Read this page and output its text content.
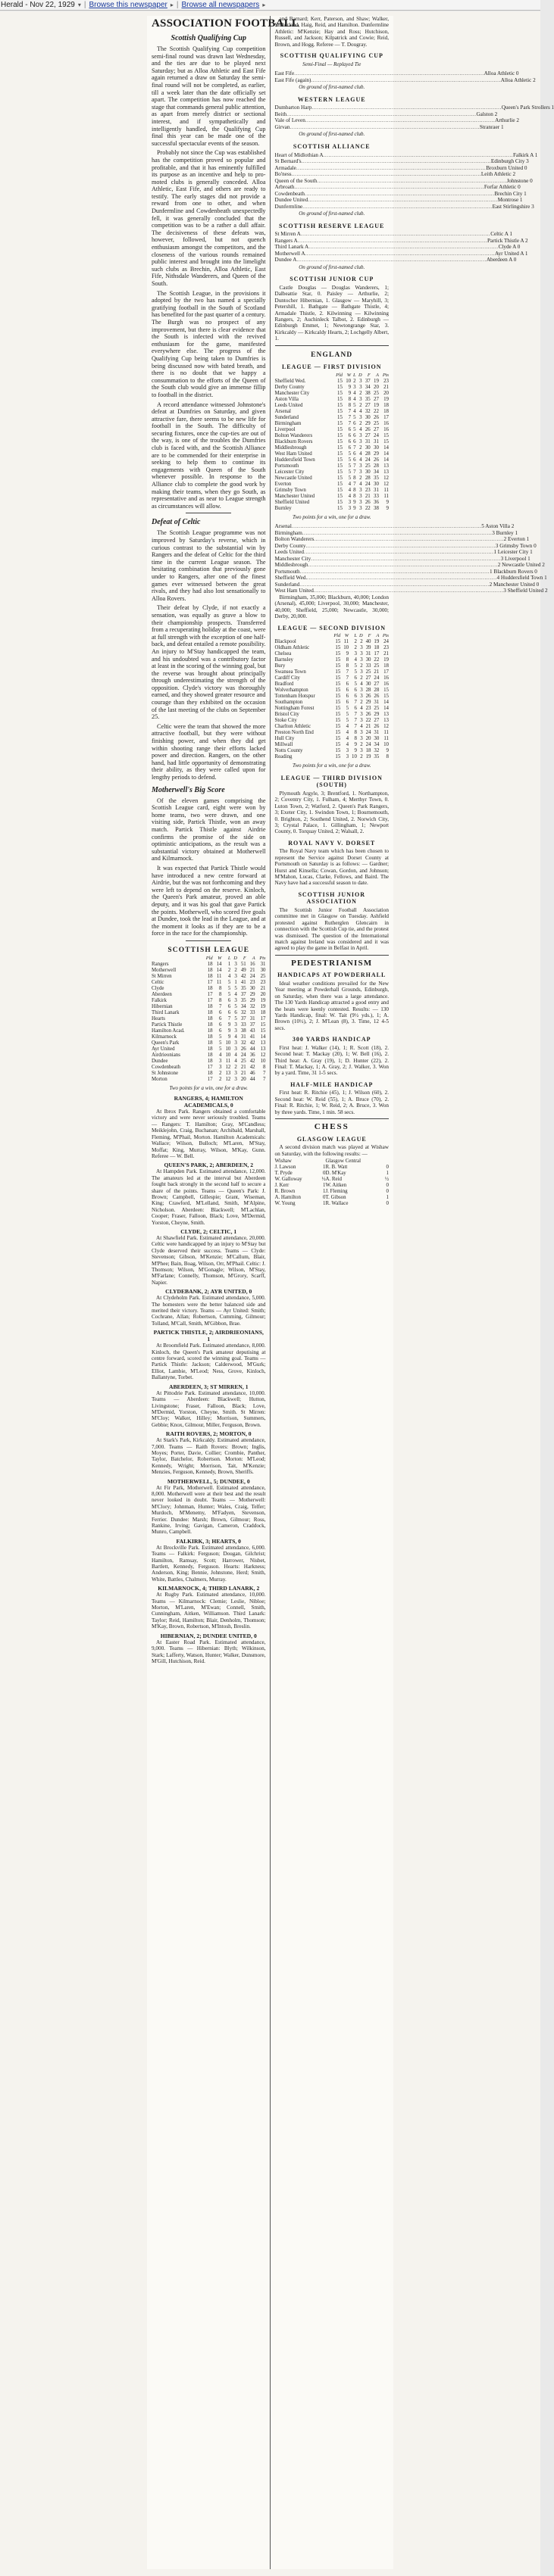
Herald - Nov 22, 1929 ▾ | Browse this newspaper ▸ | Browse all newspapers ▸
ASSOCIATION FOOTBALL
Scottish Qualifying Cup

The Scottish Qualifying Cup competition semi-final round was drawn last Wednesday, and the ties are due to be played next Saturday; but as Alloa Athletic and East Fife again returned a draw on Saturday the semi-final round will not be completed, as earlier, till a week later than the date officially set apart. The competition has now reached the stage that commands general public attention, as apart from merely district or sectional interest, and if sympathetically and intelligently handled, the Qualifying Cup final this year can be made one of the successful spectacular events of the season.

Probably not since the Cup was established has the competition proved so popular and profitable, and that it has eminently fulfilled its purpose as an incentive and help to pro-moted clubs is generally conceded. Alloa Athletic, East Fife, and others are ready to testify. The early stages did not provide a reward from one to other, and when Dunfermline and Cowdenbeath unexpectedly fell, it was generally concluded that the competition was to be a rather a dull affair. The decisiveness of these defeats was, however, followed, but not quench enthusiasm amongst the competitors, and the closeness of the various rounds remained public interest and brought into the limelight such clubs as Brechin, Alloa Athletic, East Fife, Nithsdale Wanderers, and Queen of the South.

The Scottish League, in the provisions it adopted by the two has named a specially gratifying football in the South of Scotland has benefited for the past quarter of a century. The Burgh was no prospect of any improvement, but there is clear evidence that the South is infected with the revived enthusiasm for the game, manifested everywhere else. The progress of the Qualifying Cup being taken to Dumfries is being discussed now with bated breath, and there is no doubt that we happy a consummation to the efforts of the Queen of the South club would give an immense fillip to football in the district.

A record attendance witnessed Johnstone's defeat at Dumfries on Saturday, and given attractive fare, there seems to be new life for football in the South. The difficulty of securing fixtures, once the cup-ties are out of the way, is one of the troubles the Dumfries club is faced with, and the Scottish Alliance are to be commended for their enterprise in seeking to help them to continue its engagements with Queen of the South whenever possible. In response to the Alliance club to complete the good work by making their teams, when they go South, as representative and as near to League strength as circumstances will allow.

Defeat of Celtic

The Scottish League programme was not improved by Saturday's reverse, which in curious contrast to the substantial win by Rangers and the defeat of Celtic for the third time in the current League season. The hesitating combination that previously gone under to Rangers, after one of the finest games ever witnessed between the great rivals, and they had also lost sensationally to Alloa Rovers.

Their defeat by Clyde, if not exactly a sensation, was equally as grave a blow to their championship prospects. Transferred from a recuperating holiday at the coast, were at full strength with the exception of one half-back, and defeat entailed a remote possibility. An injury to M'Stay handicapped the team, and his undoubted was a contributory factor at least in the scoring of the winning goal, but the reverse was brought about principally through underestimating the strength of the opposition. Clyde's victory was thoroughly earned, and they showed greater resource and courage than they exhibited on the occasion of the last meeting of the clubs on September 25.

Celtic were the team that showed the more attractive football, but they were without finishing power, and when they did get within shooting range their efforts lacked power and direction. Rangers, on the other hand, had little opportunity of demonstrating their ability, as they were called upon for lengthy periods to defend.

Motherwell's Big Score

Of the eleven games comprising the Scottish League card, eight were won by home teams, two were drawn, and one visiting side, Partick Thistle, won an away match. Partick Thistle against Airdrie confirms the promise of the side on optimistic anticipations, as the result was a substantial victory obtained at Motherwell and Kilmarnock.

It was expected that Partick Thistle would have introduced a new centre forward at Airdrie, but the was not forthcoming and they were left to depend on the reserve. Kinloch, the Queen's Park amateur, proved an able deputy, and it was his goal that gave Partick the points. Motherwell, who scored five goals at Dundee, took the lead in the League, and at the moment it looks as if they are to be a force in the race for the championship.

SCOTTISH LEAGUE
	Pld	W	L	D	F	A	Pts
Rangers	18	14	1	3	51	16	31
Motherwell	18	14	2	2	49	21	30
St Mirren	18	11	4	3	42	24	25
Celtic	17	11	5	1	41	23	23
Clyde	18	8	5	5	35	30	21
Aberdeen	17	8	5	4	37	29	20
Falkirk	17	8	6	3	35	29	19
Hibernian	18	7	6	5	34	32	19
Third Lanark	18	6	6	6	32	33	18
Hearts	18	6	7	5	37	31	17
Partick Thistle	18	6	9	3	33	37	15
Hamilton Acad.	18	6	9	3	38	43	15
Kilmarnock	18	5	9	4	31	41	14
Queen's Park	18	5	10	3	32	42	13
Ayr United	18	5	10	3	26	44	13
Airdrieonians	18	4	10	4	24	36	12
Dundee	18	3	11	4	25	42	10
Cowdenbeath	17	3	12	2	21	42	8
St Johnstone	18	2	13	3	21	46	7
Morton	17	2	12	3	20	44	7
Two points for a win, one for a draw.
RANGERS, 4; HAMILTON ACADEMICALS, 0

At Ibrox Park. Rangers obtained a comfortable victory and were never seriously troubled. Teams — Rangers: T. Hamilton; Gray, M'Candless; Meiklejohn, Craig, Buchanan; Archibald, Marshall, Fleming, M'Phail, Morton. Hamilton Academicals: Wallace; Wilson, Bulloch; M'Laren, M'Stay, Moffat; King, Murray, Wilson, M'Kay, Gunn. Referee — W. Bell.

QUEEN'S PARK, 2; ABERDEEN, 2

At Hampden Park. Estimated attendance, 12,000. The amateurs led at the interval but Aberdeen fought back strongly in the second half to secure a share of the points. Teams — Queen's Park: J. Brown; Campbell, Gillespie; Grant, Wiseman, King; Crawford, M'Lelland, Smith, M'Alpine, Nicholson. Aberdeen: Blackwell; M'Lachlan, Cooper; Fraser, Falloon, Black; Love, M'Dermid, Yorston, Cheyne, Smith.

CLYDE, 2; CELTIC, 1

At Shawfield Park. Estimated attendance, 20,000. Celtic were handicapped by an injury to M'Stay but Clyde deserved their success. Teams — Clyde: Stevenson; Gibson, M'Kenzie; M'Callum, Blair, M'Phee; Bain, Boag, Wilson, Orr, M'Phail. Celtic: J. Thomson; Wilson, M'Gonagle; Wilson, M'Stay, M'Farlane; Connelly, Thomson, M'Grory, Scarff, Napier.

CLYDEBANK, 2; AYR UNITED, 0

At Clydeholm Park. Estimated attendance, 5,000. The homesters were the better balanced side and merited their victory. Teams — Ayr United: Smith; Cochrane, Allan; Robertson, Cumming, Gilmour; Tolland, M'Call, Smith, M'Gibbon, Brae.

PARTICK THISTLE, 2; AIRDRIEONIANS, 1

At Broomfield Park. Estimated attendance, 8,000. Kinloch, the Queen's Park amateur deputising at centre forward, scored the winning goal. Teams — Partick Thistle: Jackson; Calderwood, M'Gurk; Elliot, Lambie, M'Leod; Ness, Grove, Kinloch, Ballantyne, Torbet.

ABERDEEN, 3; ST MIRREN, 1

At Pittodrie Park. Estimated attendance, 10,000. Teams — Aberdeen: Blackwell; Hutton, Livingstone; Fraser, Falloon, Black; Love, M'Dermid, Yorston, Cheyne, Smith. St Mirren: M'Cloy; Walker, Hilley; Morrison, Summers, Gebbie; Knox, Gilmour, Miller, Ferguson, Brown.

RAITH ROVERS, 2; MORTON, 0

At Stark's Park, Kirkcaldy. Estimated attendance, 7,000. Teams — Raith Rovers: Brown; Inglis, Moyes; Porter, Davie, Collier; Crombie, Panther, Taylor, Batchelor, Robertson. Morton: M'Leod; Kennedy, Wright; Morrison, Tait, M'Kenzie; Menzies, Ferguson, Kennedy, Brown, Sheriffs.

MOTHERWELL, 5; DUNDEE, 0

At Fir Park, Motherwell. Estimated attendance, 8,000. Motherwell were at their best and the result never looked in doubt. Teams — Motherwell: M'Clory; Johnman, Hunter; Wales, Craig, Telfer; Murdoch, M'Menemy, M'Fadyen, Stevenson, Ferrier. Dundee: Marsh; Brown, Gilmour; Ross, Rankine, Irving; Gavigan, Cameron, Craddock, Munro, Campbell.

FALKIRK, 3; HEARTS, 0

At Brockville Park. Estimated attendance, 6,000. Teams — Falkirk: Ferguson; Dougan, Gilchrist; Hamilton, Ramsay, Scott; Harrower, Nisbet, Bartlett, Kennedy, Ferguson. Hearts: Harkness; Anderson, King; Bennie, Johnstone, Herd; Smith, White, Battles, Chalmers, Murray.

KILMARNOCK, 4; THIRD LANARK, 2

At Rugby Park. Estimated attendance, 10,000. Teams — Kilmarnock: Clemie; Leslie, Nibloe; Morton, M'Laren, M'Ewan; Connell, Smith, Cunningham, Aitken, Williamson. Third Lanark: Taylor; Reid, Hamilton; Blair, Denholm, Thomson; M'Kay, Brown, Robertson, M'Intosh, Breslin.

HIBERNIAN, 2; DUNDEE UNITED, 0

At Easter Road Park. Estimated attendance, 9,000. Teams — Hibernian: Blyth; Wilkinson, Stark; Lafferty, Watson, Hunter; Walker, Dunsmore, M'Gill, Hutchison, Reid.

and Barnard; Kerr, Paterson, and Shaw; Walker, Sutherland, Haig, Reid, and Hamilton. Dunfermline Athletic: M'Kenzie; Hay and Ross; Hutchison, Russell, and Jackson; Kilpatrick and Cowie; Reid, Brown, and Hogg. Referee — T. Dougray.

SCOTTISH QUALIFYING CUP
Semi-Final — Replayed Tie
East Fife .....	Alloa Athletic 0
East Fife (again) .....	Alloa Athletic 2
On ground of first-named club.
WESTERN LEAGUE
Dumbarton Harp .....	Queen's Park Strollers 1
Beith .....	Galston 2
Vale of Leven .....	Arthurlie 2
Girvan .....	Stranraer 1
On ground of first-named club.
SCOTTISH ALLIANCE
Heart of Midlothian A .....	Falkirk A 1
St Bernard's .....	Edinburgh City 3
Armadale .....	Broxburn United 0
Bo'ness .....	Leith Athletic 2
Queen of the South .....	Johnstone 0
Arbroath .....	Forfar Athletic 0
Cowdenbeath .....	Brechin City 1
Dundee United .....	Montrose 1
Dunfermline .....	East Stirlingshire 3
On ground of first-named club.
SCOTTISH RESERVE LEAGUE
St Mirren A .....	Celtic A 1
Rangers A .....	Partick Thistle A 2
Third Lanark A .....	Clyde A 0
Motherwell A .....	Ayr United A 1
Dundee A .....	Aberdeen A 0
On ground of first-named club.
SCOTTISH JUNIOR CUP

Castle Douglas — Douglas Wanderers, 1; Dalbeattie Star, 0. Paisley — Arthurlie, 2; Duntocher Hibernian, 1. Glasgow — Maryhill, 3; Petershill, 1. Bathgate — Bathgate Thistle, 4; Armadale Thistle, 2. Kilwinning — Kilwinning Rangers, 2; Auchinleck Talbot, 2. Edinburgh — Edinburgh Emmet, 1; Newtongrange Star, 3. Kirkcaldy — Kirkcaldy Hearts, 2; Lochgelly Albert, 1.

ENGLAND
LEAGUE — FIRST DIVISION
	Pld	W	L	D	F	A	Pts
Sheffield Wed.	15	10	2	3	37	19	23
Derby County	15	9	3	3	34	20	21
Manchester City	15	9	4	2	38	25	20
Aston Villa	15	8	4	3	35	27	19
Leeds United	15	8	5	2	27	19	18
Arsenal	15	7	4	4	32	22	18
Sunderland	15	7	5	3	30	26	17
Birmingham	15	7	6	2	29	25	16
Liverpool	15	6	5	4	26	27	16
Bolton Wanderers	15	6	6	3	27	24	15
Blackburn Rovers	15	6	6	3	31	31	15
Middlesbrough	15	6	7	2	30	30	14
West Ham United	15	5	6	4	28	29	14
Huddersfield Town	15	5	6	4	24	26	14
Portsmouth	15	5	7	3	25	28	13
Leicester City	15	5	7	3	30	34	13
Newcastle United	15	5	8	2	28	35	12
Everton	15	4	7	4	24	30	12
Grimsby Town	15	4	8	3	23	31	11
Manchester United	15	4	8	3	21	33	11
Sheffield United	15	3	9	3	26	36	9
Burnley	15	3	9	3	22	38	9
Two points for a win, one for a draw.
Arsenal .....	5 Aston Villa 2
Birmingham .....	3 Burnley 1
Bolton Wanderers .....	2 Everton 1
Derby County .....	3 Grimsby Town 0
Leeds United .....	1 Leicester City 1
Manchester City .....	3 Liverpool 1
Middlesbrough .....	2 Newcastle United 2
Portsmouth .....	1 Blackburn Rovers 0
Sheffield Wed. .....	4 Huddersfield Town 1
Sunderland .....	2 Manchester United 0
West Ham United .....	3 Sheffield United 2

Birmingham, 35,000; Blackburn, 40,000; London (Arsenal), 45,000; Liverpool, 30,000; Manchester, 40,000; Sheffield, 25,000; Newcastle, 30,000; Derby, 20,000.

LEAGUE — SECOND DIVISION
	Pld	W	L	D	F	A	Pts
Blackpool	15	11	2	2	40	19	24
Oldham Athletic	15	10	2	3	39	18	23
Chelsea	15	9	3	3	31	17	21
Barnsley	15	8	4	3	30	22	19
Bury	15	8	5	2	33	25	18
Swansea Town	15	7	5	3	25	21	17
Cardiff City	15	7	6	2	27	24	16
Bradford	15	6	5	4	30	27	16
Wolverhampton	15	6	6	3	28	28	15
Tottenham Hotspur	15	6	6	3	26	26	15
Southampton	15	6	7	2	29	31	14
Nottingham Forest	15	5	6	4	23	25	14
Bristol City	15	5	7	3	26	29	13
Stoke City	15	5	7	3	22	27	13
Charlton Athletic	15	4	7	4	21	26	12
Preston North End	15	4	8	3	24	31	11
Hull City	15	4	8	3	20	30	11
Millwall	15	4	9	2	24	34	10
Notts County	15	3	9	3	18	32	9
Reading	15	3	10	2	19	35	8
Two points for a win, one for a draw.
LEAGUE — THIRD DIVISION (SOUTH)

Plymouth Argyle, 3; Brentford, 1. Northampton, 2; Coventry City, 1. Fulham, 4; Merthyr Town, 0. Luton Town, 2; Watford, 2. Queen's Park Rangers, 3; Exeter City, 1. Swindon Town, 1; Bournemouth, 0. Brighton, 2; Southend United, 2. Norwich City, 3; Crystal Palace, 1. Gillingham, 1; Newport County, 0. Torquay United, 2; Walsall, 2.

ROYAL NAVY V. DORSET

The Royal Navy team which has been chosen to represent the Service against Dorset County at Portsmouth on Saturday is as follows: — Gardner; Hurst and Kinsella; Cowan, Gordon, and Johnson; M'Mahon, Lucas, Clarke, Fellows, and Baird. The Navy have had a successful season to date.

SCOTTISH JUNIOR ASSOCIATION

The Scottish Junior Football Association committee met in Glasgow on Tuesday. Ashfield protested against Rutherglen Glencairn in connection with the Scottish Cup tie, and the protest was dismissed. The question of the International match against Ireland was considered and it was agreed to play the game in Belfast in April.

PEDESTRIANISM
HANDICAPS AT POWDERHALL

Ideal weather conditions prevailed for the New Year meeting at Powderhall Grounds, Edinburgh, on Saturday, when there was a large attendance. The 130 Yards Handicap attracted a good entry and the heats were keenly contested. Results: — 130 Yards Handicap, final: W. Tait (9½ yds.), 1; A. Brown (10½), 2; J. M'Lean (8), 3. Time, 12 4-5 secs.

300 YARDS HANDICAP

First heat: J. Walker (14), 1; R. Scott (18), 2. Second heat: T. Mackay (20), 1; W. Bell (16), 2. Third heat: A. Gray (19), 1; D. Hunter (22), 2. Final: T. Mackay, 1; A. Gray, 2; J. Walker, 3. Won by a yard. Time, 31 1-5 secs.

HALF-MILE HANDICAP

First heat: R. Ritchie (45), 1; J. Wilson (60), 2. Second heat: W. Reid (55), 1; A. Bruce (70), 2. Final: R. Ritchie, 1; W. Reid, 2; A. Bruce, 3. Won by three yards. Time, 1 min. 58 secs.

CHESS
GLASGOW LEAGUE

A second division match was played at Wishaw on Saturday, with the following results: —

Wishaw		Glasgow Central	
J. Lawson	1	R. B. Watt	0
T. Pryde	0	D. M'Kay	1
W. Galloway	½	A. Reid	½
J. Kerr	1	W. Aitken	0
R. Brown	1	J. Fleming	0
A. Hamilton	0	T. Gibson	1
W. Young	1	R. Wallace	0
